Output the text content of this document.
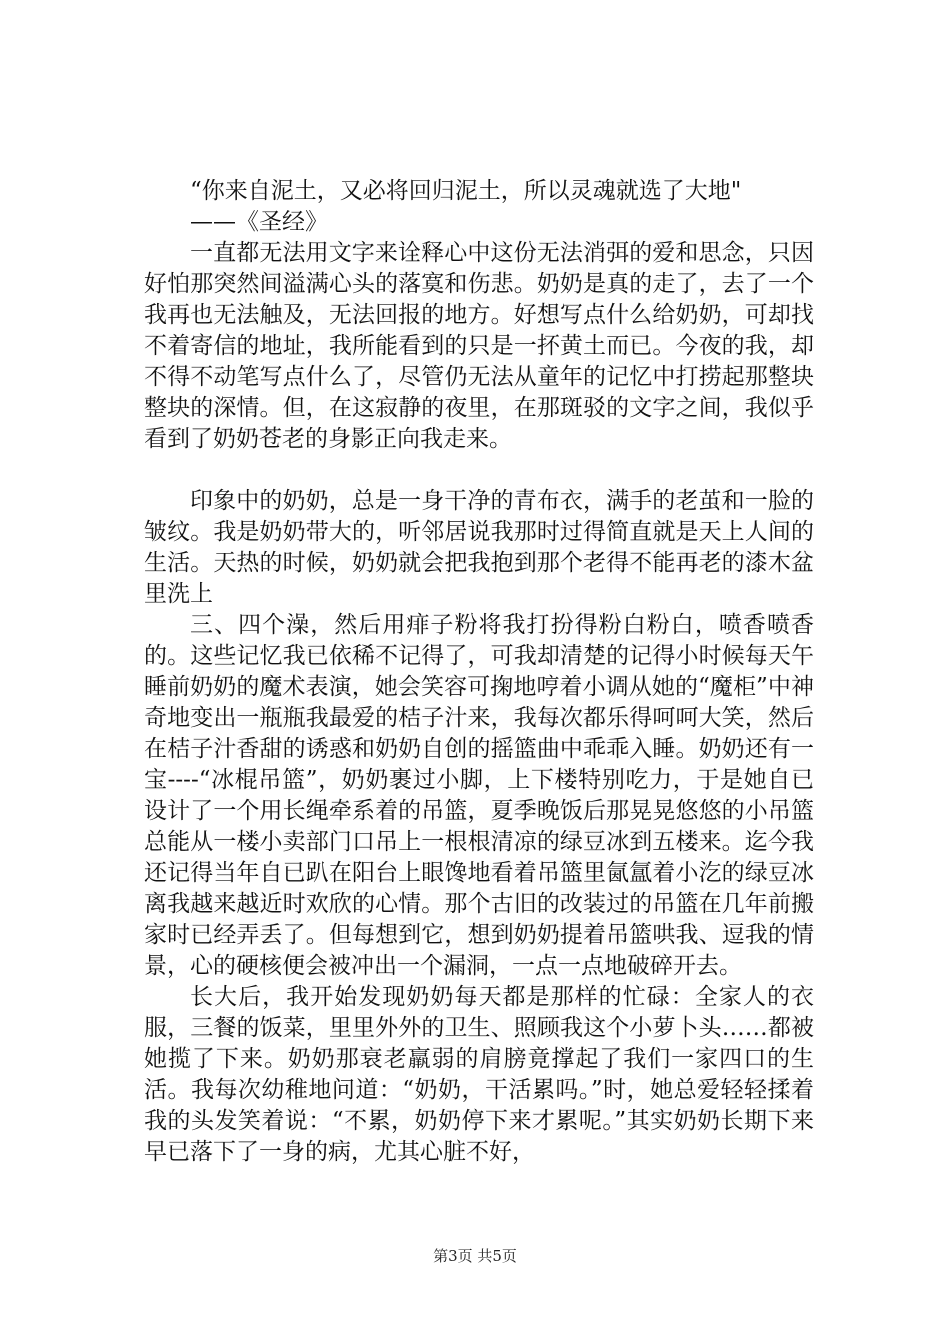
“你来自泥土，又必将回归泥土，所以灵魂就选了大地"

——《圣经》

一直都无法用文字来诠释心中这份无法消弭的爱和思念，只因好怕那突然间溢满心头的落寞和伤悲。奶奶是真的走了，去了一个我再也无法触及，无法回报的地方。好想写点什么给奶奶，可却找不着寄信的地址，我所能看到的只是一抔黄土而已。今夜的我，却不得不动笔写点什么了，尽管仍无法从童年的记忆中打捞起那整块整块的深情。但，在这寂静的夜里，在那斑驳的文字之间，我似乎看到了奶奶苍老的身影正向我走来。

印象中的奶奶，总是一身干净的青布衣，满手的老茧和一脸的皱纹。我是奶奶带大的，听邻居说我那时过得简直就是天上人间的生活。天热的时候，奶奶就会把我抱到那个老得不能再老的漆木盆里洗上

三、四个澡，然后用痱子粉将我打扮得粉白粉白，喷香喷香的。这些记忆我已依稀不记得了，可我却清楚的记得小时候每天午睡前奶奶的魔术表演，她会笑容可掬地哼着小调从她的“魔柜”中神奇地变出一瓶瓶我最爱的桔子汁来，我每次都乐得呵呵大笑，然后在桔子汁香甜的诱惑和奶奶自创的摇篮曲中乖乖入睡。奶奶还有一宝----“冰棍吊篮”，奶奶裹过小脚，上下楼特别吃力，于是她自已设计了一个用长绳牵系着的吊篮，夏季晚饭后那晃晃悠悠的小吊篮总能从一楼小卖部门口吊上一根根清凉的绿豆冰到五楼来。迄今我还记得当年自已趴在阳台上眼馋地看着吊篮里氤氲着小汔的绿豆冰离我越来越近时欢欣的心情。那个古旧的改装过的吊篮在几年前搬家时已经弄丢了。但每想到它，想到奶奶提着吊篮哄我、逗我的情景，心的硬核便会被冲出一个漏洞，一点一点地破碎开去。

长大后，我开始发现奶奶每天都是那样的忙碌：全家人的衣服，三餐的饭菜，里里外外的卫生、照顾我这个小萝卜头……都被她揽了下来。奶奶那衰老羸弱的肩膀竟撑起了我们一家四口的生活。我每次幼稚地问道：“奶奶，干活累吗。”时，她总爱轻轻揉着我的头发笑着说：“不累，奶奶停下来才累呢。”其实奶奶长期下来早已落下了一身的病，尤其心脏不好，

第3页 共5页
